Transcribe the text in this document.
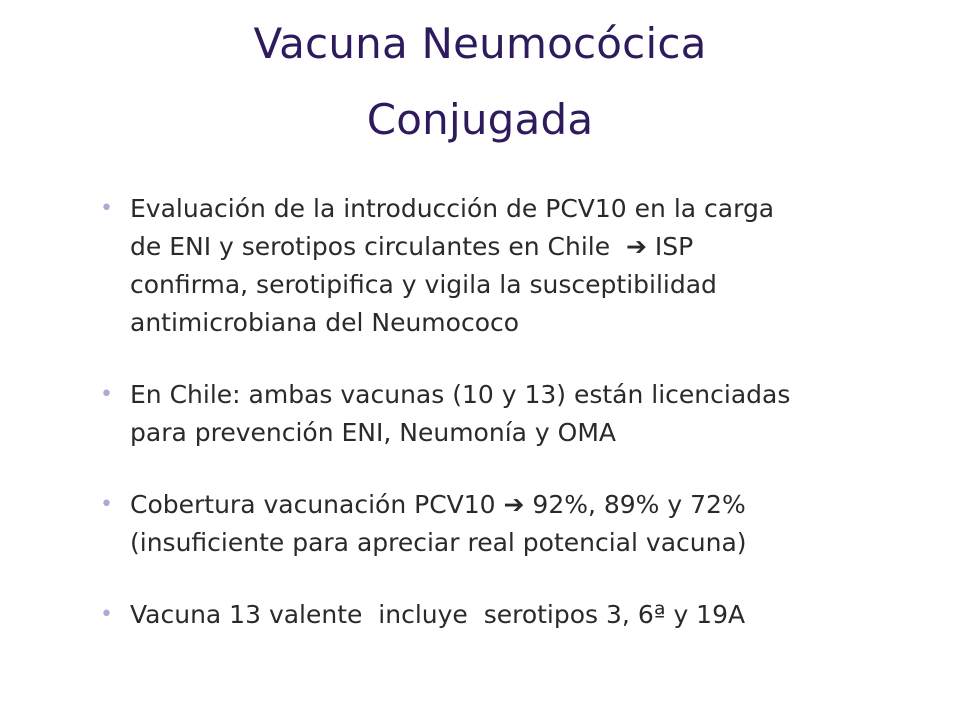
Vacuna Neumocócica
Conjugada
• Evaluación de la introducción de PCV10 en la carga
de ENI y serotipos circulantes en Chile  ➔ ISP
confirma, serotipifica y vigila la susceptibilidad
antimicrobiana del Neumococo
• En Chile: ambas vacunas (10 y 13) están licenciadas
para prevención ENI, Neumonía y OMA
• Cobertura vacunación PCV10 ➔ 92%, 89% y 72%
(insuficiente para apreciar real potencial vacuna)
• Vacuna 13 valente  incluye  serotipos 3, 6ª y 19A
